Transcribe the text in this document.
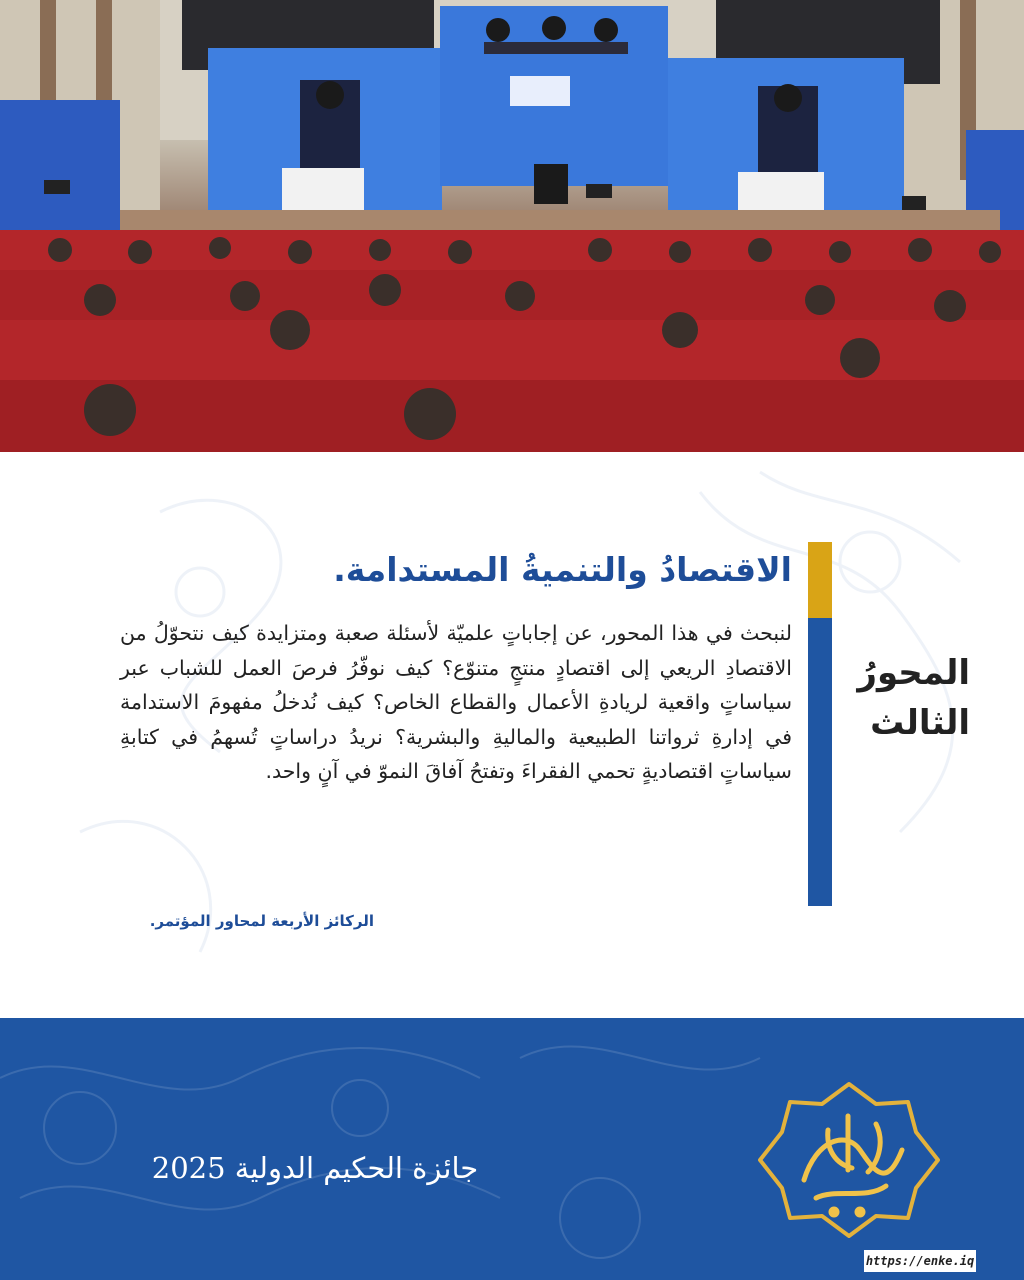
المحورُ الثالث
الاقتصادُ والتنميةُ المستدامة.
لنبحث في هذا المحور، عن إجاباتٍ علميّة لأسئلة صعبة ومتزايدة كيف نتحوّلُ من الاقتصادِ الريعي إلى اقتصادٍ منتجٍ متنوّع؟ كيف نوفّرُ فرصَ العمل للشباب عبر سياساتٍ واقعية لريادةِ الأعمال والقطاع الخاص؟ كيف نُدخلُ مفهومَ الاستدامة في إدارةِ ثرواتنا الطبيعية والماليةِ والبشرية؟ نريدُ دراساتٍ تُسهمُ في كتابةِ سياساتٍ اقتصاديةٍ تحمي الفقراءَ وتفتحُ آفاقَ النموّ في آنٍ واحد.
الركائز الأربعة لمحاور المؤتمر.
جائزة الحكيم الدولية 2025
https://enke.iq
